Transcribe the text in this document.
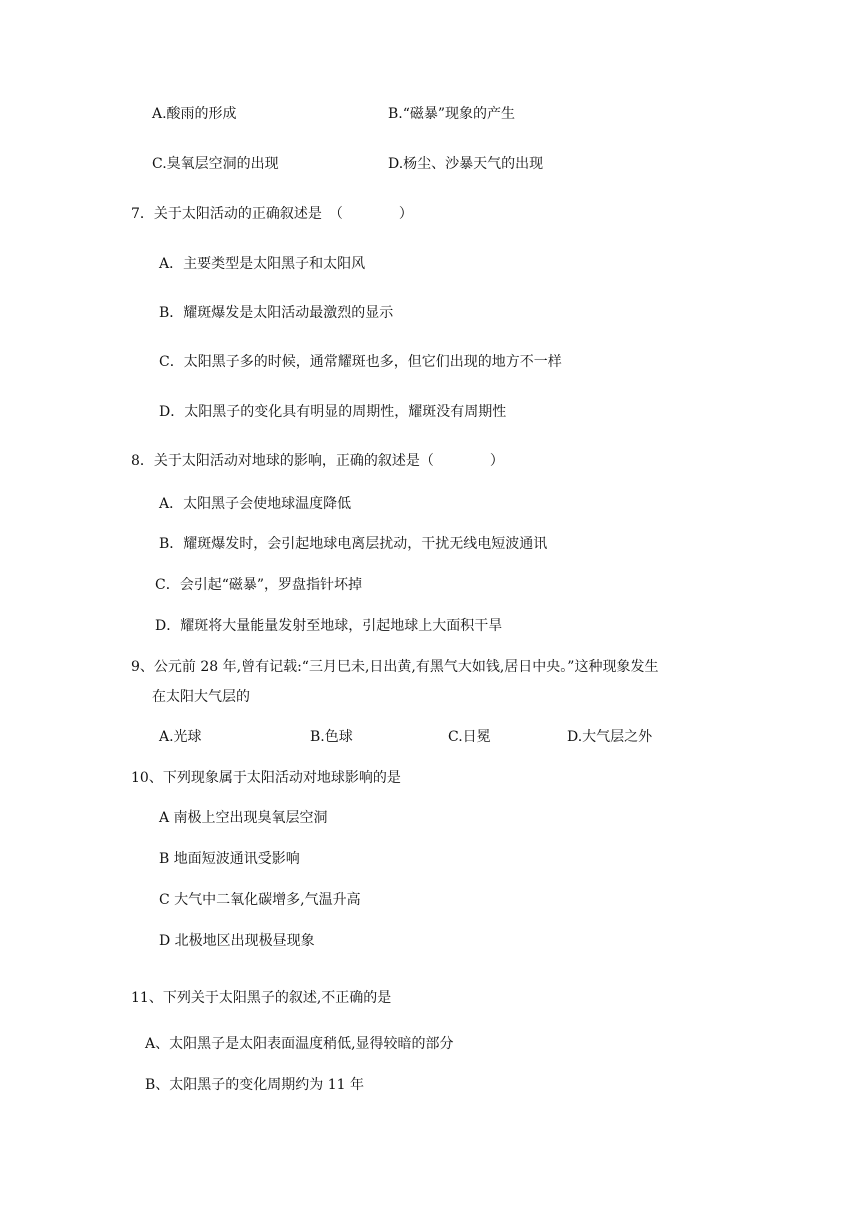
A.酸雨的形成	B.“磁暴”现象的产生
C.臭氧层空洞的出现	D.杨尘、沙暴天气的出现
7．关于太阳活动的正确叙述是　（　　　　）
A．主要类型是太阳黑子和太阳风
B．耀斑爆发是太阳活动最激烈的显示
C．太阳黑子多的时候，通常耀斑也多，但它们出现的地方不一样
D．太阳黑子的变化具有明显的周期性，耀斑没有周期性
8．关于太阳活动对地球的影响，正确的叙述是（　　　　）
A．太阳黑子会使地球温度降低
B．耀斑爆发时，会引起地球电离层扰动，干扰无线电短波通讯
C．会引起“磁暴”，罗盘指针坏掉
D．耀斑将大量能量发射至地球，引起地球上大面积干旱
9、公元前 28 年,曾有记载:“三月巳未,日出黄,有黑气大如钱,居日中央。”这种现象发生
在太阳大气层的
A.光球	B.色球	C.日冕	D.大气层之外
10、下列现象属于太阳活动对地球影响的是
A 南极上空出现臭氧层空洞
B 地面短波通讯受影响
C 大气中二氧化碳增多,气温升高
D 北极地区出现极昼现象
11、下列关于太阳黑子的叙述,不正确的是
A、太阳黑子是太阳表面温度稍低,显得较暗的部分
B、太阳黑子的变化周期约为 11 年
